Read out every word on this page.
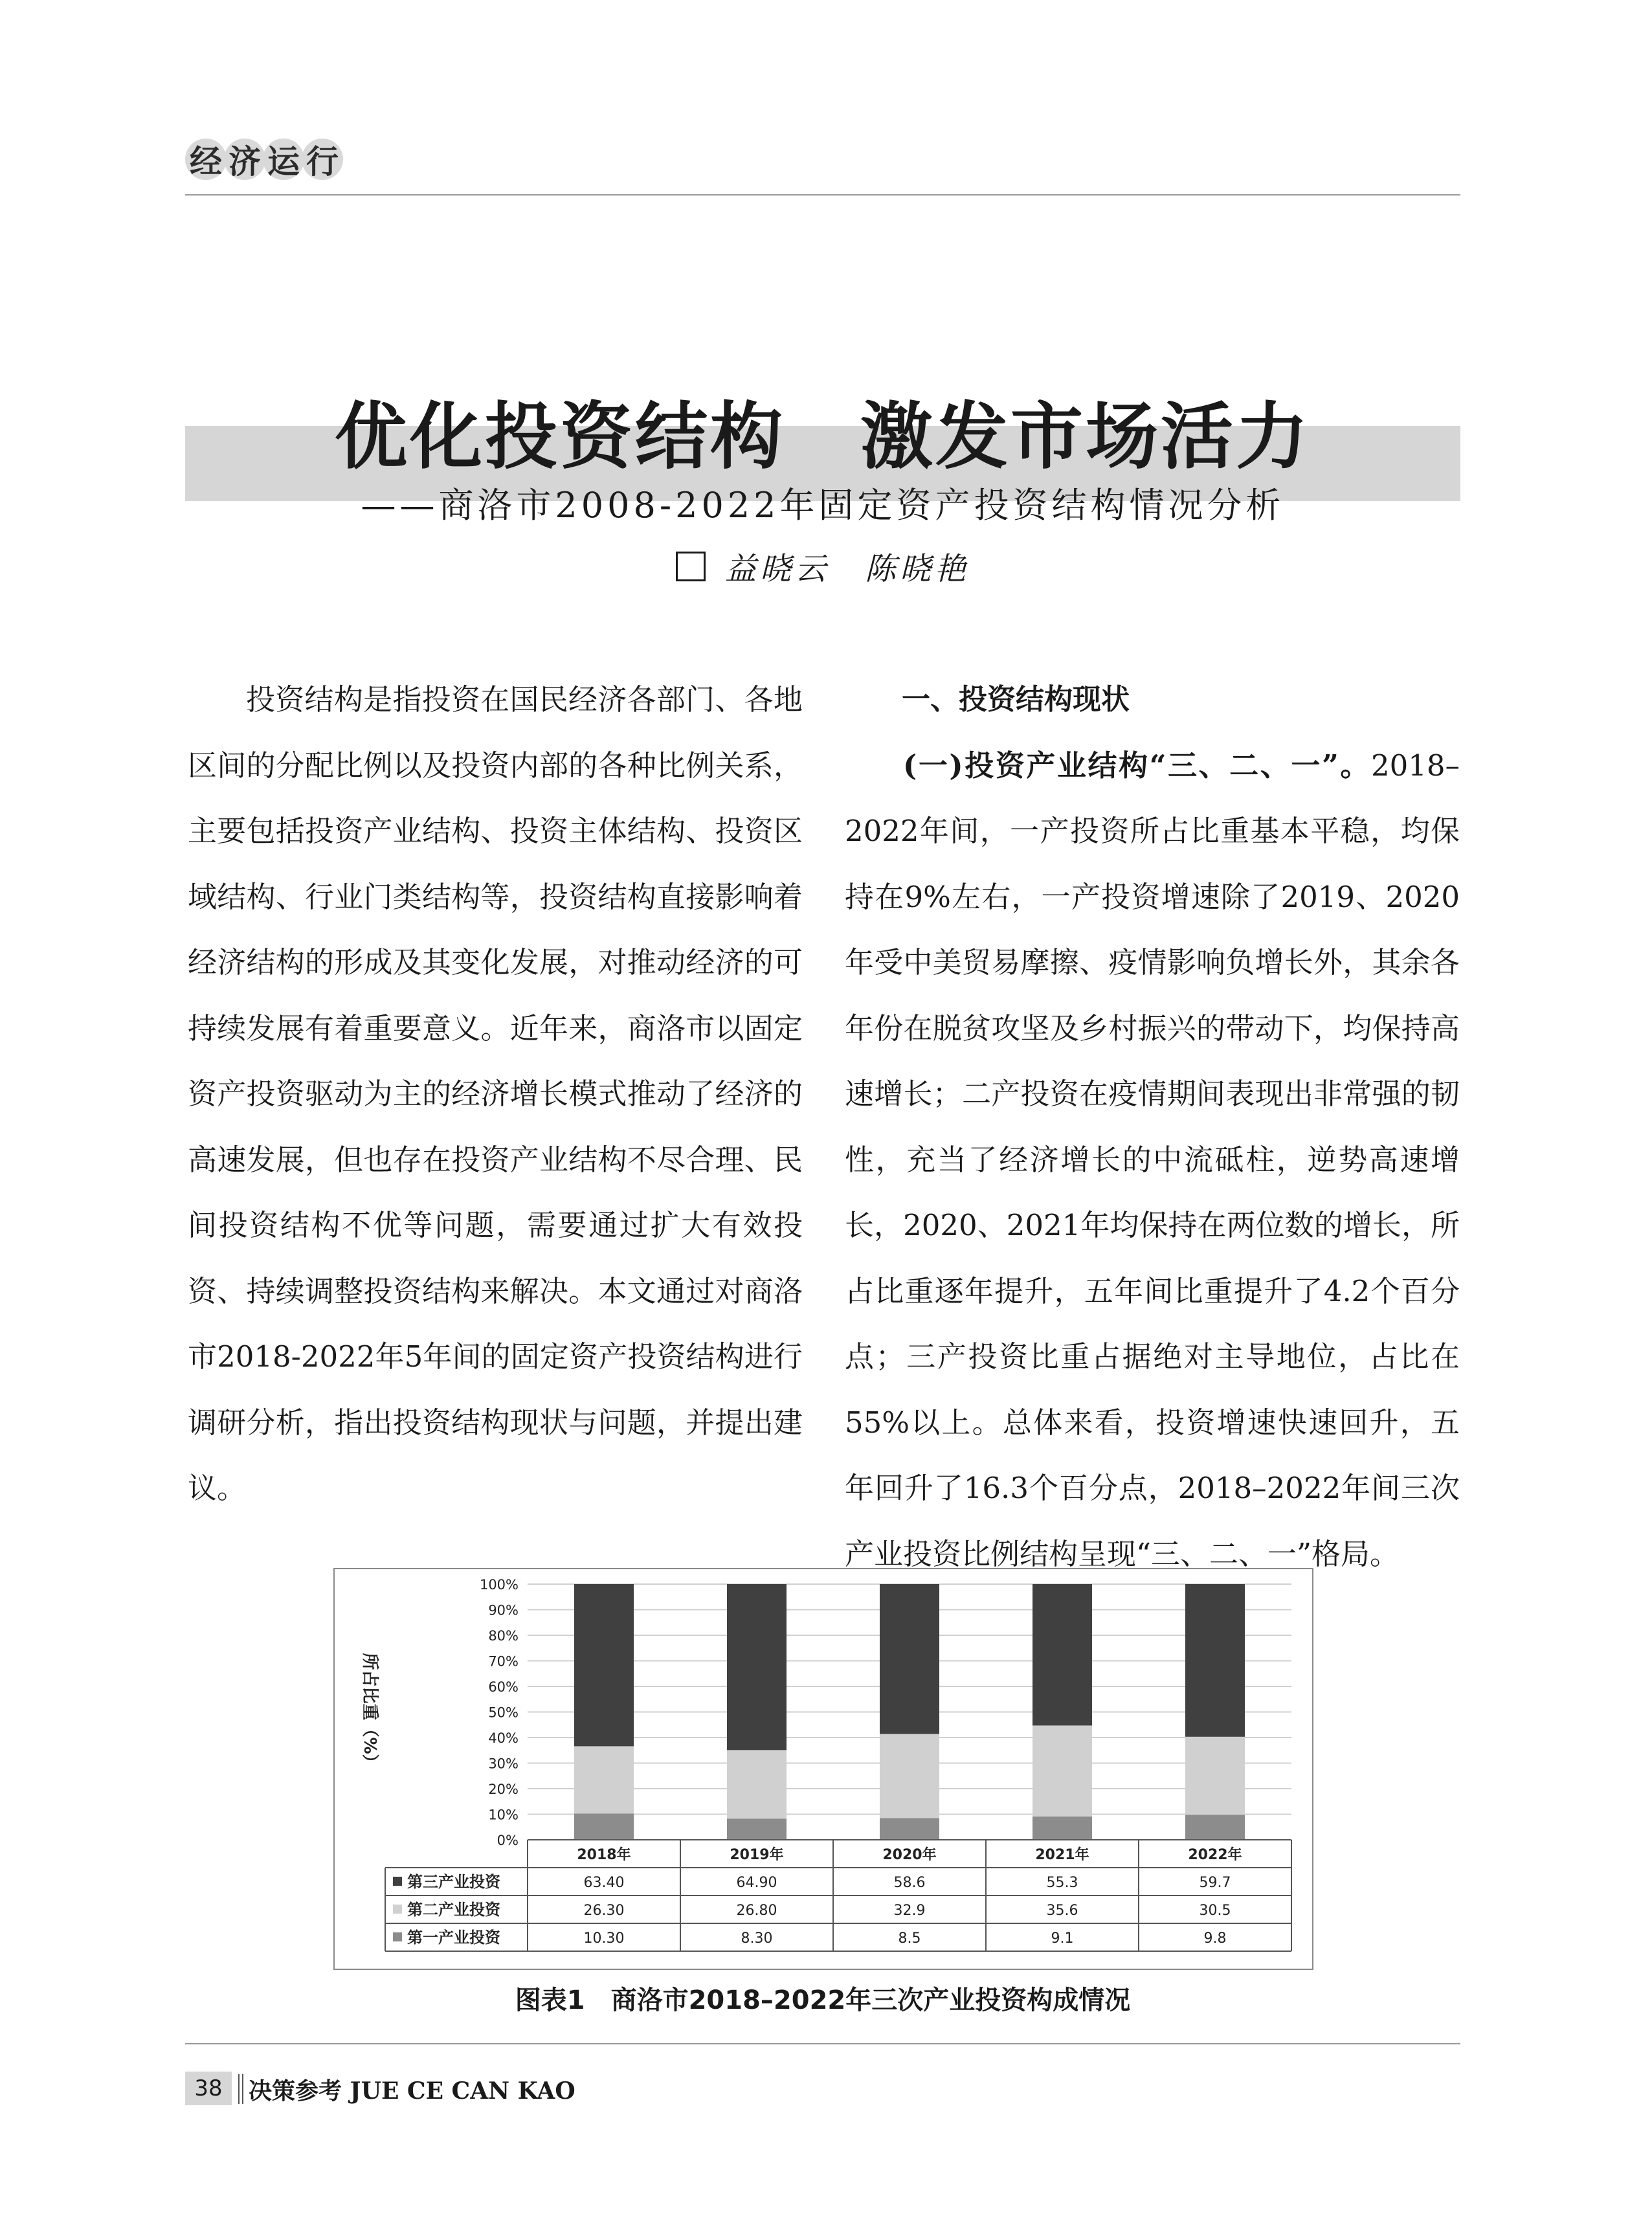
经 济 运 行
优化投资结构　激发市场活力
——商洛市2008-2022年固定资产投资结构情况分析
益晓云　陈晓艳

投资结构是指投资在国民经济各部门、各地区间的分配比例以及投资内部的各种比例关系，主要包括投资产业结构、投资主体结构、投资区域结构、行业门类结构等，投资结构直接影响着经济结构的形成及其变化发展，对推动经济的可持续发展有着重要意义。近年来，商洛市以固定资产投资驱动为主的经济增长模式推动了经济的高速发展，但也存在投资产业结构不尽合理、民间投资结构不优等问题，需要通过扩大有效投资、持续调整投资结构来解决。本文通过对商洛市2018-2022年5年间的固定资产投资结构进行调研分析，指出投资结构现状与问题，并提出建议。

一、投资结构现状

(一)投资产业结构“三、二、一”。2018–2022年间，一产投资所占比重基本平稳，均保持在9%左右，一产投资增速除了2019、2020年受中美贸易摩擦、疫情影响负增长外，其余各年份在脱贫攻坚及乡村振兴的带动下，均保持高速增长；二产投资在疫情期间表现出非常强的韧性，充当了经济增长的中流砥柱，逆势高速增长，2020、2021年均保持在两位数的增长，所占比重逐年提升，五年间比重提升了4.2个百分点；三产投资比重占据绝对主导地位，占比在55%以上。总体来看，投资增速快速回升，五年回升了16.3个百分点，2018–2022年间三次产业投资比例结构呈现“三、二、一”格局。

100%
90%
80%
70%
60%
50%
40%
30%
20%
10%
0%
所占比重（%）
2018年	2019年	2020年	2021年	2022年
第三产业投资	63.40	64.90	58.6	55.3	59.7
第二产业投资	26.30	26.80	32.9	35.6	30.5
第一产业投资	10.30	8.30	8.5	9.1	9.8
图表1　商洛市2018–2022年三次产业投资构成情况
38	决策参考 JUE CE CAN KAO
